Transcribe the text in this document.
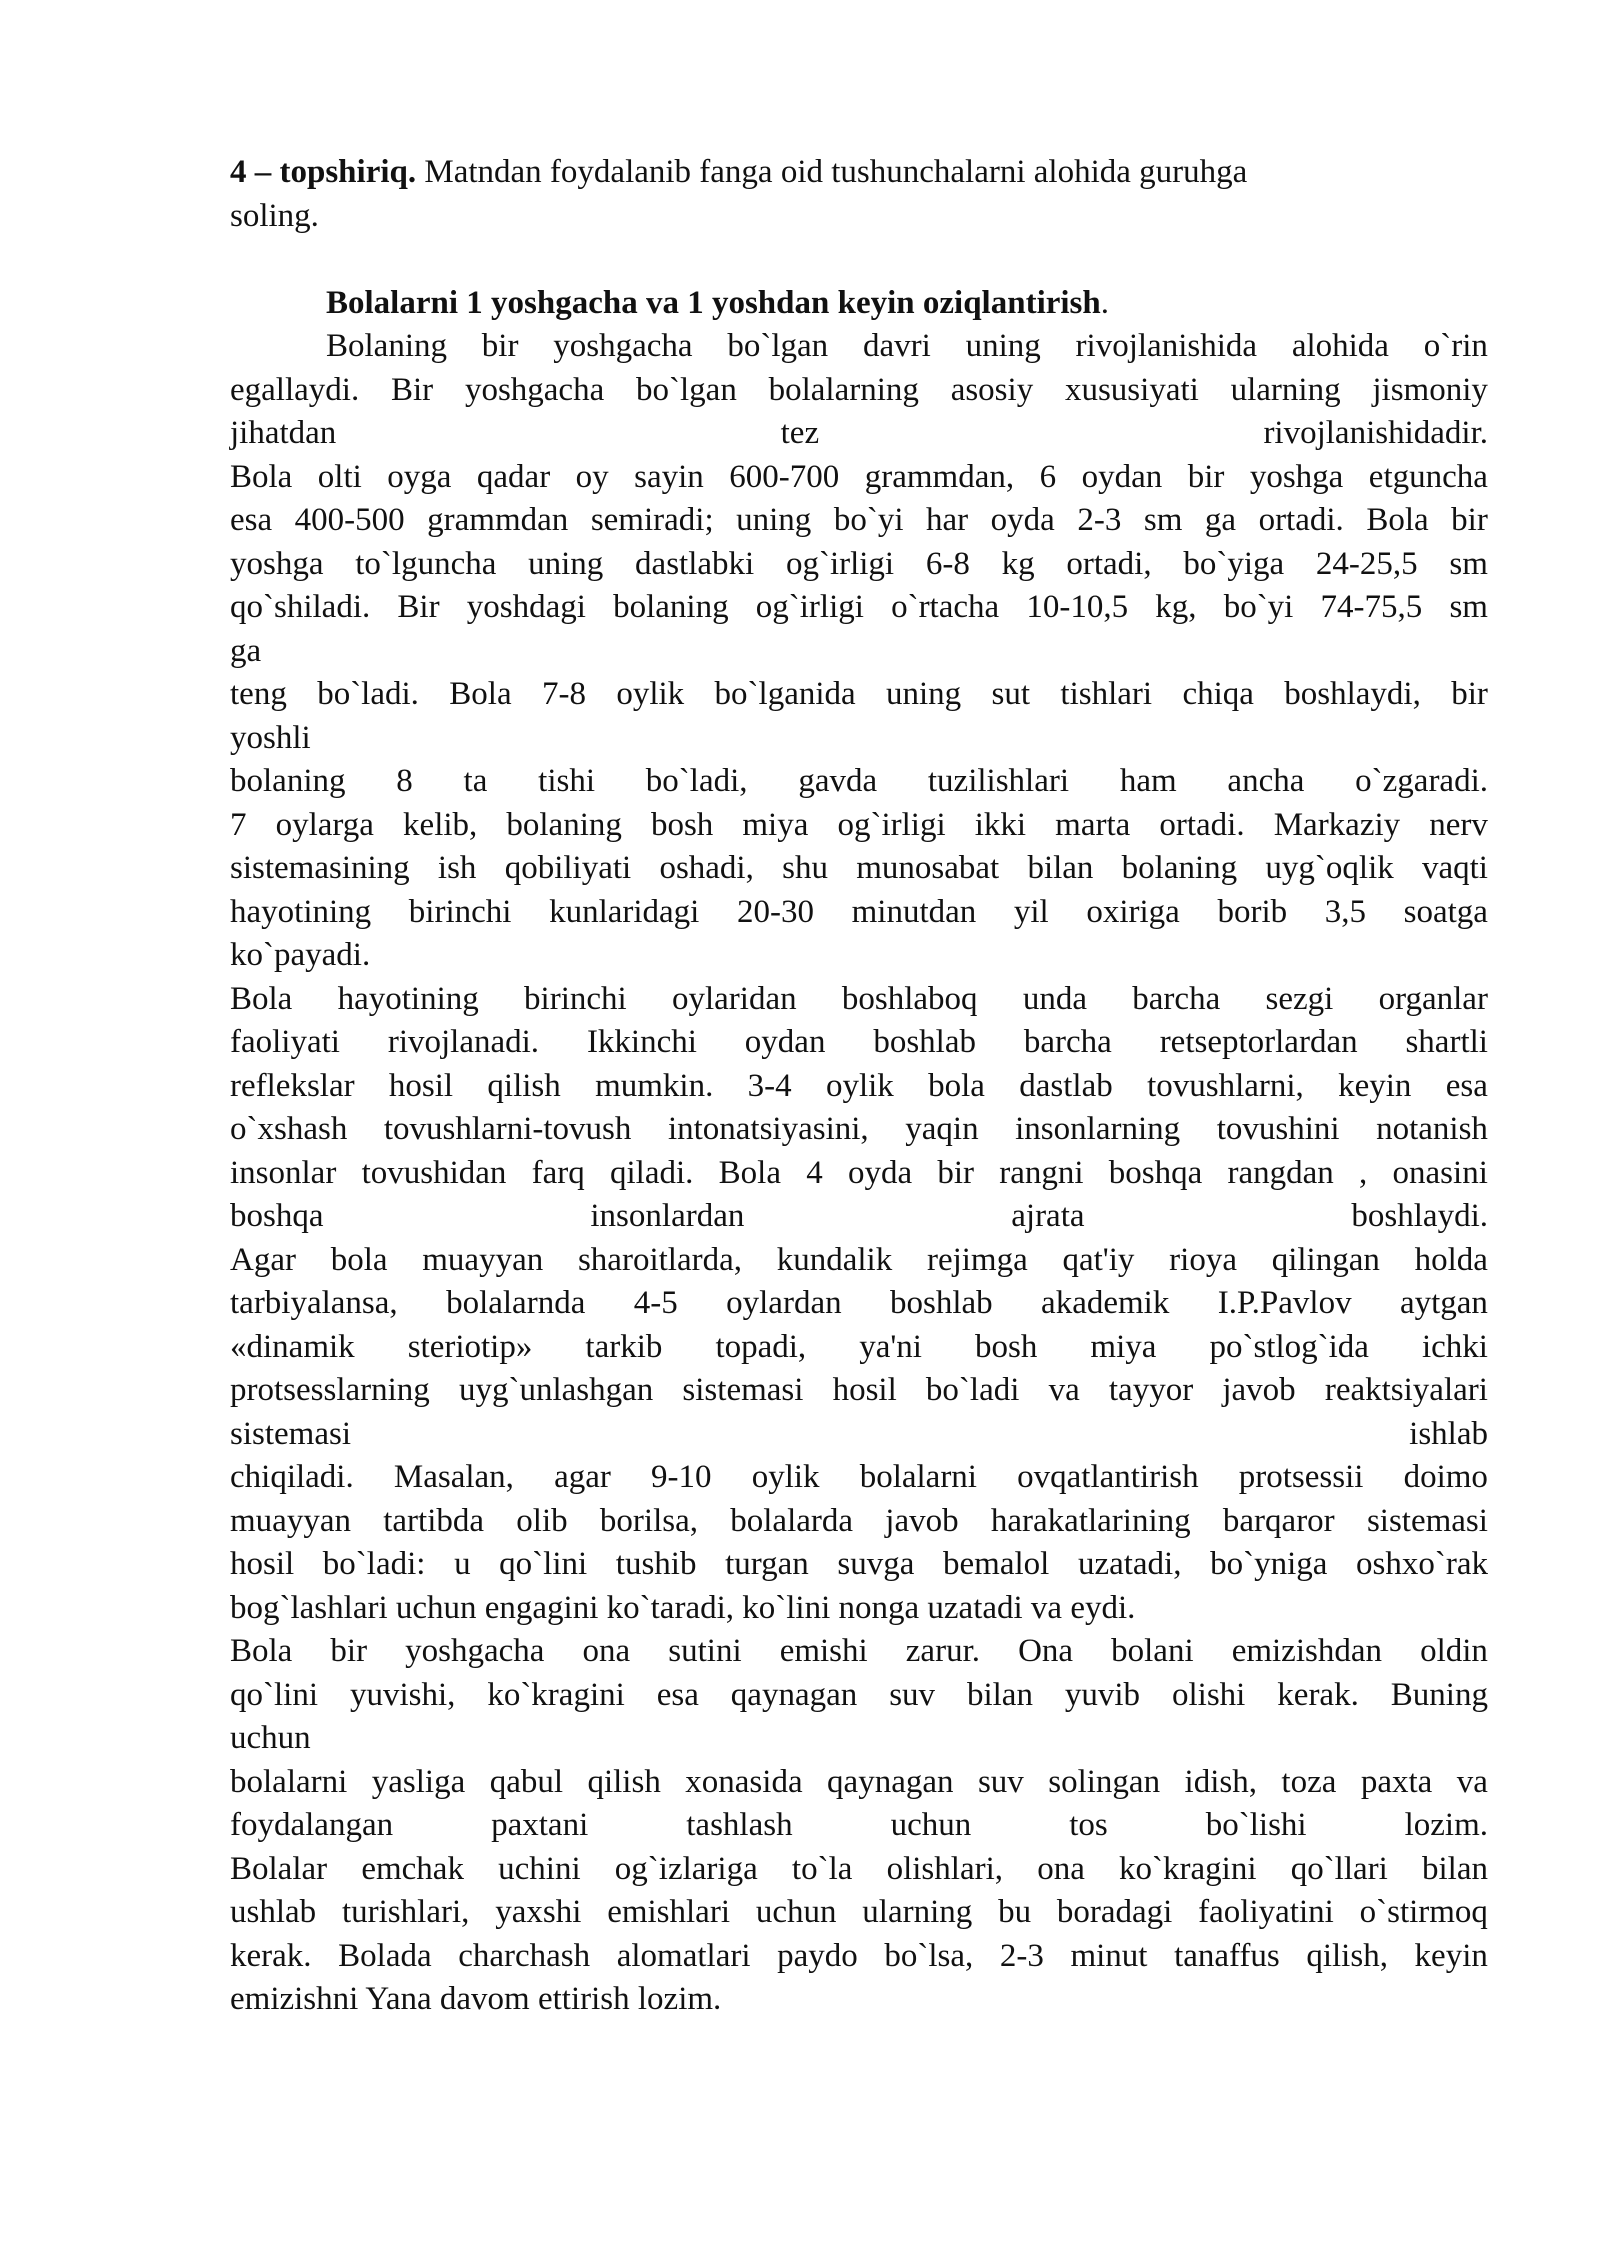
4 – topshiriq. Matndan foydalanib fanga oid tushunchalarni alohida guruhga
soling.
Bolalarni 1 yoshgacha va 1 yoshdan keyin oziqlantirish.
Bolaning bir yoshgacha bo`lgan davri uning rivojlanishida alohida o`rin
egallaydi. Bir yoshgacha bo`lgan bolalarning asosiy xususiyati ularning jismoniy
jihatdan	tez	rivojlanishidadir.
Bola olti oyga qadar oy sayin 600-700 grammdan, 6 oydan bir yoshga etguncha
esa 400-500 grammdan semiradi; uning bo`yi har oyda 2-3 sm ga ortadi. Bola bir
yoshga to`lguncha uning dastlabki og`irligi 6-8 kg ortadi, bo`yiga 24-25,5 sm
qo`shiladi. Bir yoshdagi bolaning og`irligi o`rtacha 10-10,5 kg, bo`yi 74-75,5 sm
ga
teng bo`ladi. Bola 7-8 oylik bo`lganida uning sut tishlari chiqa boshlaydi, bir
yoshli
bolaning 8 ta tishi bo`ladi, gavda tuzilishlari ham ancha o`zgaradi.
7 oylarga kelib, bolaning bosh miya og`irligi ikki marta ortadi. Markaziy nerv
sistemasining ish qobiliyati oshadi, shu munosabat bilan bolaning uyg`oqlik vaqti
hayotining birinchi kunlaridagi 20-30 minutdan yil oxiriga borib 3,5 soatga
ko`payadi.
Bola hayotining birinchi oylaridan boshlaboq unda barcha sezgi organlar
faoliyati rivojlanadi. Ikkinchi oydan boshlab barcha retseptorlardan shartli
reflekslar hosil qilish mumkin. 3-4 oylik bola dastlab tovushlarni, keyin esa
o`xshash tovushlarni-tovush intonatsiyasini, yaqin insonlarning tovushini notanish
insonlar tovushidan farq qiladi. Bola 4 oyda bir rangni boshqa rangdan , onasini
boshqa	insonlardan	ajrata	boshlaydi.
Agar bola muayyan sharoitlarda, kundalik rejimga qat'iy rioya qilingan holda
tarbiyalansa, bolalarnda 4-5 oylardan boshlab akademik I.P.Pavlov aytgan
«dinamik steriotip» tarkib topadi, ya'ni bosh miya po`stlog`ida ichki
protsesslarning uyg`unlashgan sistemasi hosil bo`ladi va tayyor javob reaktsiyalari
sistemasi	ishlab
chiqiladi. Masalan, agar 9-10 oylik bolalarni ovqatlantirish protsessii doimo
muayyan tartibda olib borilsa, bolalarda javob harakatlarining barqaror sistemasi
hosil bo`ladi: u qo`lini tushib turgan suvga bemalol uzatadi, bo`yniga oshxo`rak
bog`lashlari uchun engagini ko`taradi, ko`lini nonga uzatadi va eydi.
Bola bir yoshgacha ona sutini emishi zarur. Ona bolani emizishdan oldin
qo`lini yuvishi, ko`kragini esa qaynagan suv bilan yuvib olishi kerak. Buning
uchun
bolalarni yasliga qabul qilish xonasida qaynagan suv solingan idish, toza paxta va
foydalangan	paxtani	tashlash	uchun	tos	bo`lishi	lozim.
Bolalar emchak uchini og`izlariga to`la olishlari, ona ko`kragini qo`llari bilan
ushlab turishlari, yaxshi emishlari uchun ularning bu boradagi faoliyatini o`stirmoq
kerak. Bolada charchash alomatlari paydo bo`lsa, 2-3 minut tanaffus qilish, keyin
emizishni Yana davom ettirish lozim.
